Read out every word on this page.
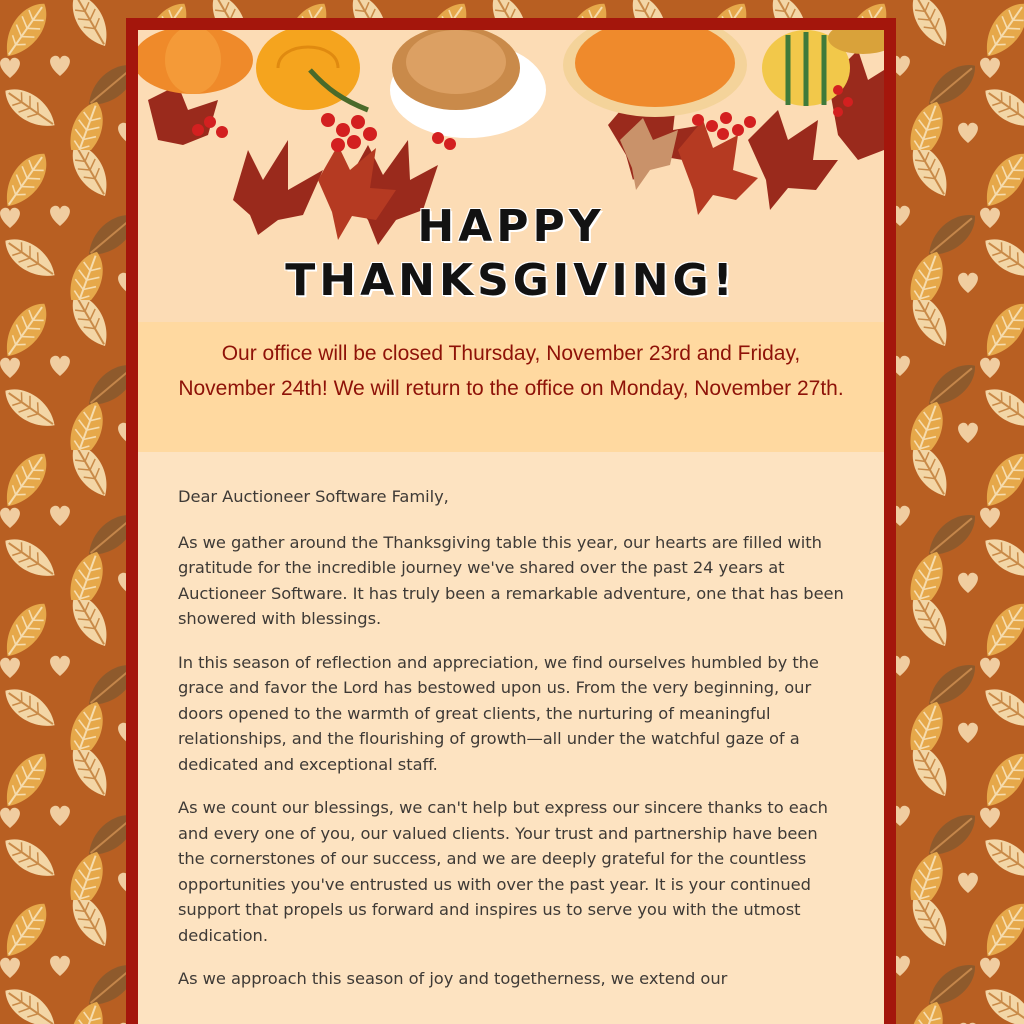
HAPPY
THANKSGIVING!

Our office will be closed Thursday, November 23rd and Friday, November 24th! We will return to the office on Monday, November 27th.

Dear Auctioneer Software Family,

As we gather around the Thanksgiving table this year, our hearts are filled with gratitude for the incredible journey we've shared over the past 24 years at Auctioneer Software. It has truly been a remarkable adventure, one that has been showered with blessings.

In this season of reflection and appreciation, we find ourselves humbled by the grace and favor the Lord has bestowed upon us. From the very beginning, our doors opened to the warmth of great clients, the nurturing of meaningful relationships, and the flourishing of growth—all under the watchful gaze of a dedicated and exceptional staff.

As we count our blessings, we can't help but express our sincere thanks to each and every one of you, our valued clients. Your trust and partnership have been the cornerstones of our success, and we are deeply grateful for the countless opportunities you've entrusted us with over the past year. It is your continued support that propels us forward and inspires us to serve you with the utmost dedication.

As we approach this season of joy and togetherness, we extend our
